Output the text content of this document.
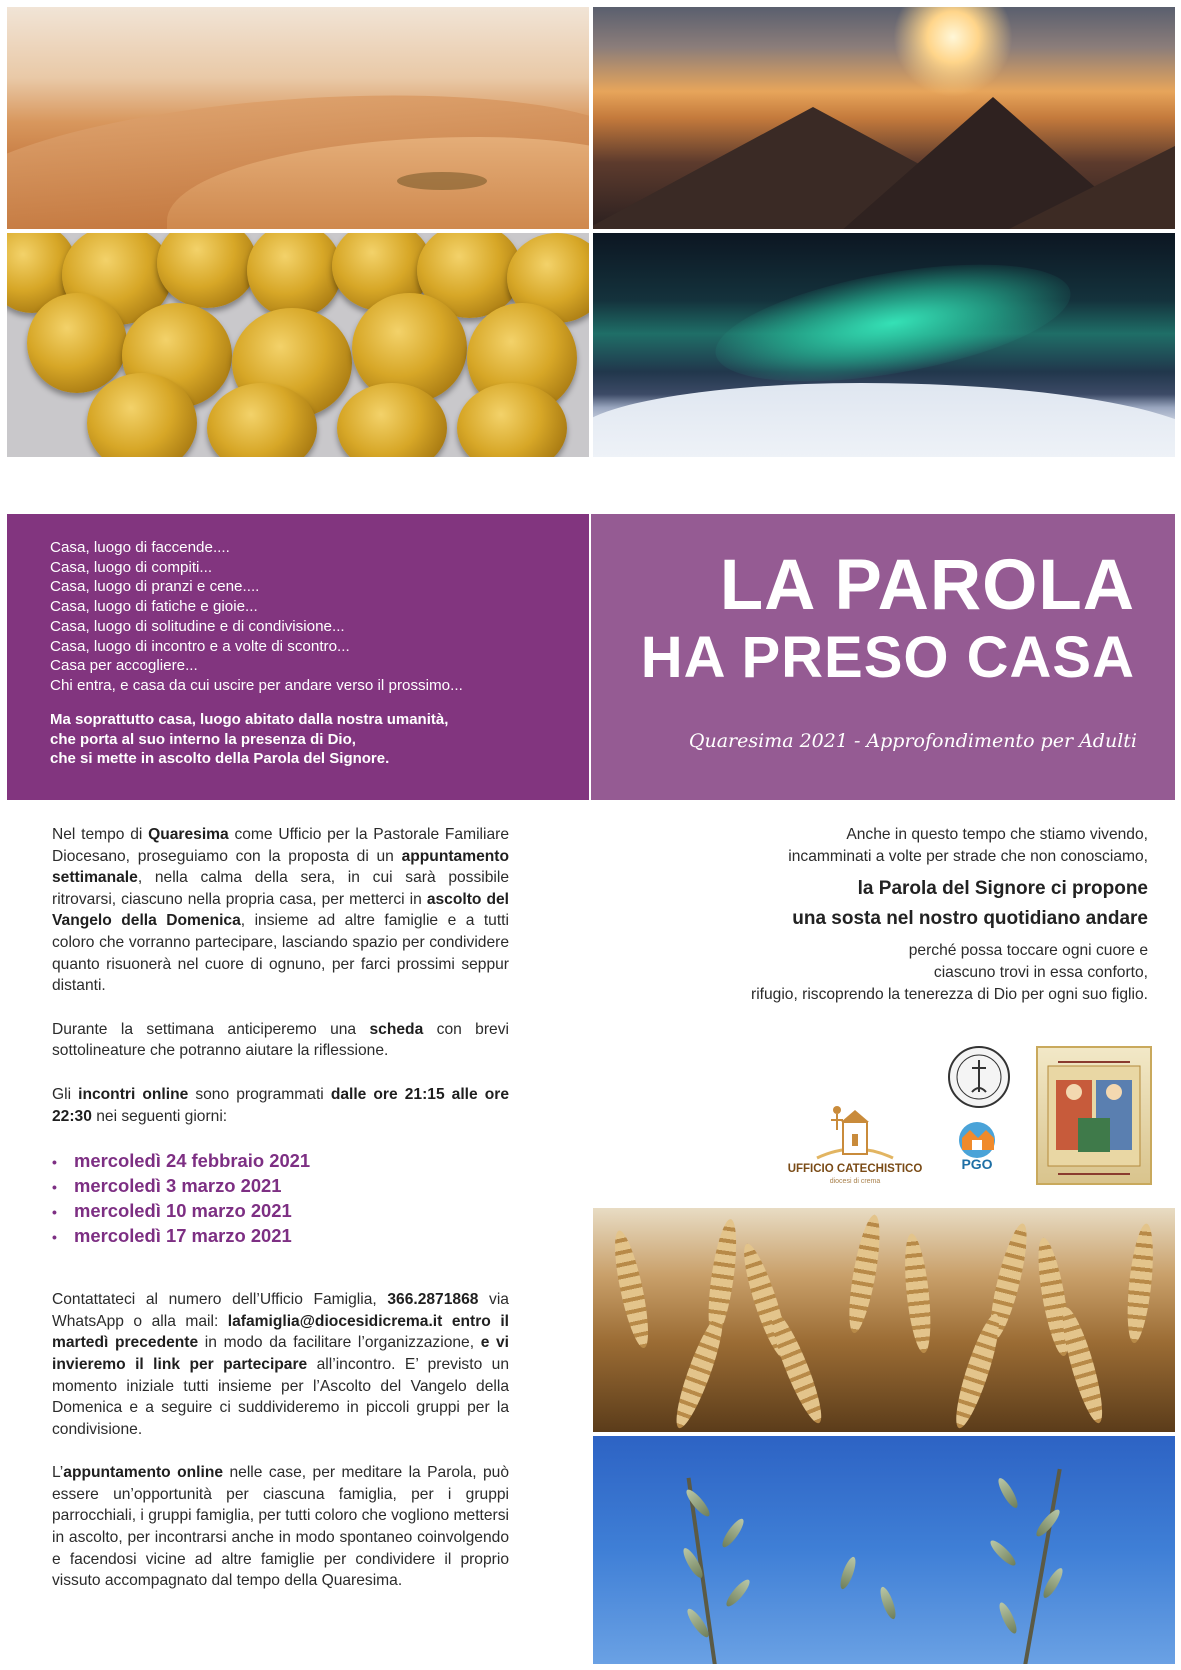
Casa, luogo di faccende....
Casa, luogo di compiti...
Casa, luogo di pranzi e cene....
Casa, luogo di fatiche e gioie...
Casa, luogo di solitudine e di condivisione...
Casa, luogo di incontro e a volte di scontro...
Casa per accogliere...
Chi entra, e casa da cui uscire per andare verso il prossimo...
Ma soprattutto casa, luogo abitato dalla nostra umanità,
che porta al suo interno la presenza di Dio,
che si mette in ascolto della Parola del Signore.
LA PAROLA
HA PRESO CASA
Quaresima 2021 - Approfondimento per Adulti

Nel tempo di Quaresima come Ufficio per la Pastorale Familiare Diocesano, proseguiamo con la proposta di un appuntamento settimanale, nella calma della sera, in cui sarà possibile ritrovarsi, ciascuno nella propria casa, per metterci in ascolto del Vangelo della Domenica, insieme ad altre famiglie e a tutti coloro che vorranno partecipare, lasciando spazio per condividere quanto risuonerà nel cuore di ognuno, per farci prossimi seppur distanti.

Durante la settimana anticiperemo una scheda con brevi sottolineature che potranno aiutare la riflessione.

Gli incontri online sono programmati dalle ore 21:15 alle ore 22:30 nei seguenti giorni:

• mercoledì 24 febbraio 2021
• mercoledì 3 marzo 2021
• mercoledì 10 marzo 2021
• mercoledì 17 marzo 2021

Contattateci al numero dell’Ufficio Famiglia, 366.2871868 via WhatsApp o alla mail: lafamiglia@diocesidicrema.it entro il martedì precedente in modo da facilitare l’organizzazione, e vi invieremo il link per partecipare all’incontro. E’ previsto un momento iniziale tutti insieme per l’Ascolto del Vangelo della Domenica e a seguire ci suddivideremo in piccoli gruppi per la condivisione.

L’appuntamento online nelle case, per meditare la Parola, può essere un’opportunità per ciascuna famiglia, per i gruppi parrocchiali, i gruppi famiglia, per tutti coloro che vogliono mettersi in ascolto, per incontrarsi anche in modo spontaneo coinvolgendo e facendosi vicine ad altre famiglie per condividere il proprio vissuto accompagnato dal tempo della Quaresima.

Anche in questo tempo che stiamo vivendo,

incamminati a volte per strade che non conosciamo,

la Parola del Signore ci propone

una sosta nel nostro quotidiano andare

perché possa toccare ogni cuore e

ciascuno trovi in essa conforto,

rifugio, riscoprendo la tenerezza di Dio per ogni suo figlio.

UFFICIO CATECHISTICO
diocesi di crema
PGO
